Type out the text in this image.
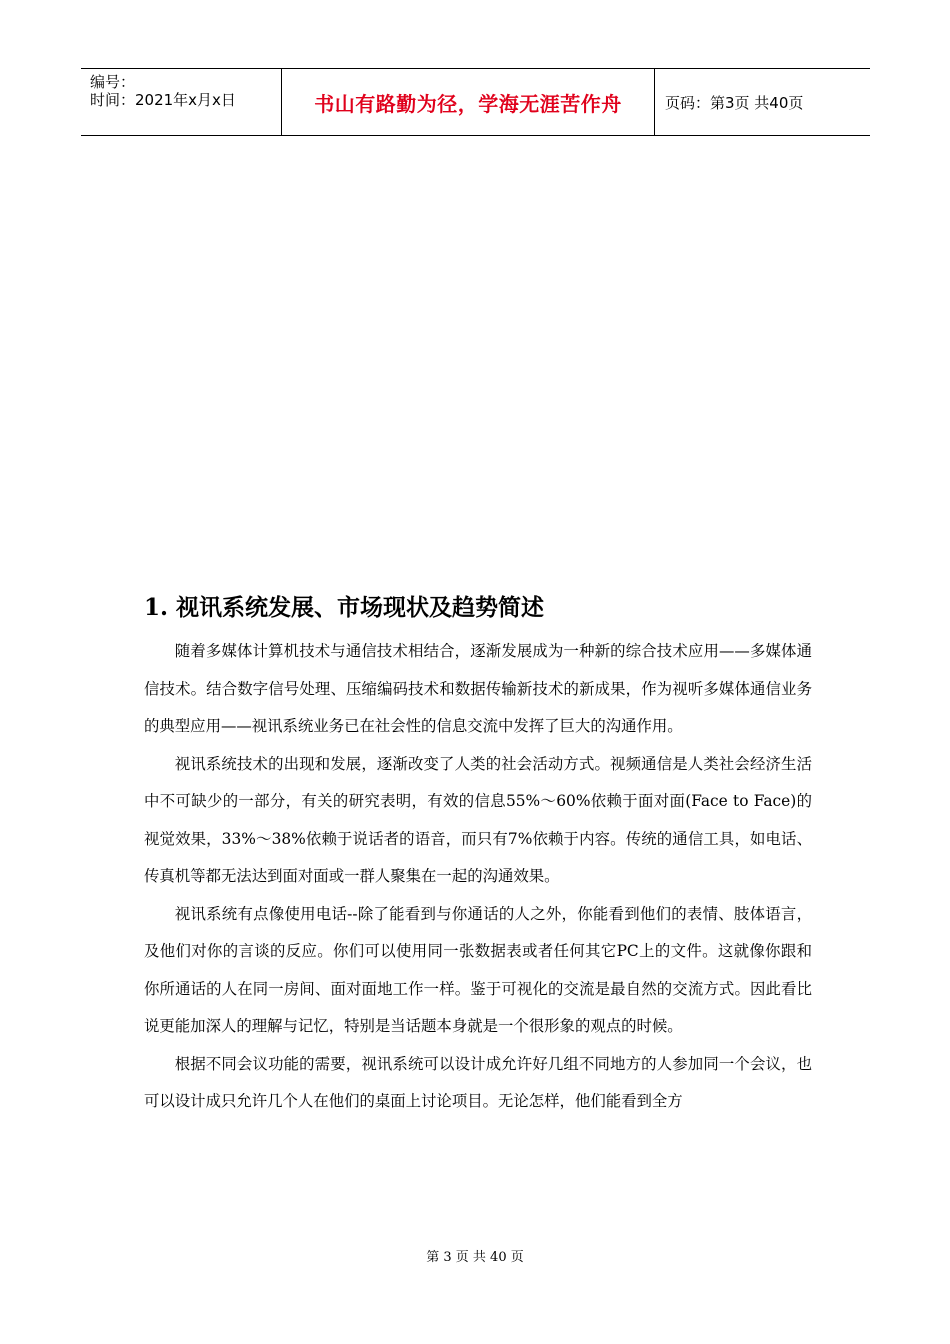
编号：
时间：2021年x月x日	书山有路勤为径，学海无涯苦作舟	页码：第3页 共40页
1. 视讯系统发展、市场现状及趋势简述

随着多媒体计算机技术与通信技术相结合，逐渐发展成为一种新的综合技术应用——多媒体通信技术。结合数字信号处理、压缩编码技术和数据传输新技术的新成果，作为视听多媒体通信业务的典型应用——视讯系统业务已在社会性的信息交流中发挥了巨大的沟通作用。

视讯系统技术的出现和发展，逐渐改变了人类的社会活动方式。视频通信是人类社会经济生活中不可缺少的一部分，有关的研究表明，有效的信息55%～60%依赖于面对面(Face to Face)的视觉效果，33%～38%依赖于说话者的语音，而只有7%依赖于内容。传统的通信工具，如电话、传真机等都无法达到面对面或一群人聚集在一起的沟通效果。

视讯系统有点像使用电话--除了能看到与你通话的人之外，你能看到他们的表情、肢体语言，及他们对你的言谈的反应。你们可以使用同一张数据表或者任何其它PC上的文件。这就像你跟和你所通话的人在同一房间、面对面地工作一样。鉴于可视化的交流是最自然的交流方式。因此看比说更能加深人的理解与记忆，特别是当话题本身就是一个很形象的观点的时候。

根据不同会议功能的需要，视讯系统可以设计成允许好几组不同地方的人参加同一个会议，也可以设计成只允许几个人在他们的桌面上讨论项目。无论怎样，他们能看到全方

第 3 页 共 40 页
